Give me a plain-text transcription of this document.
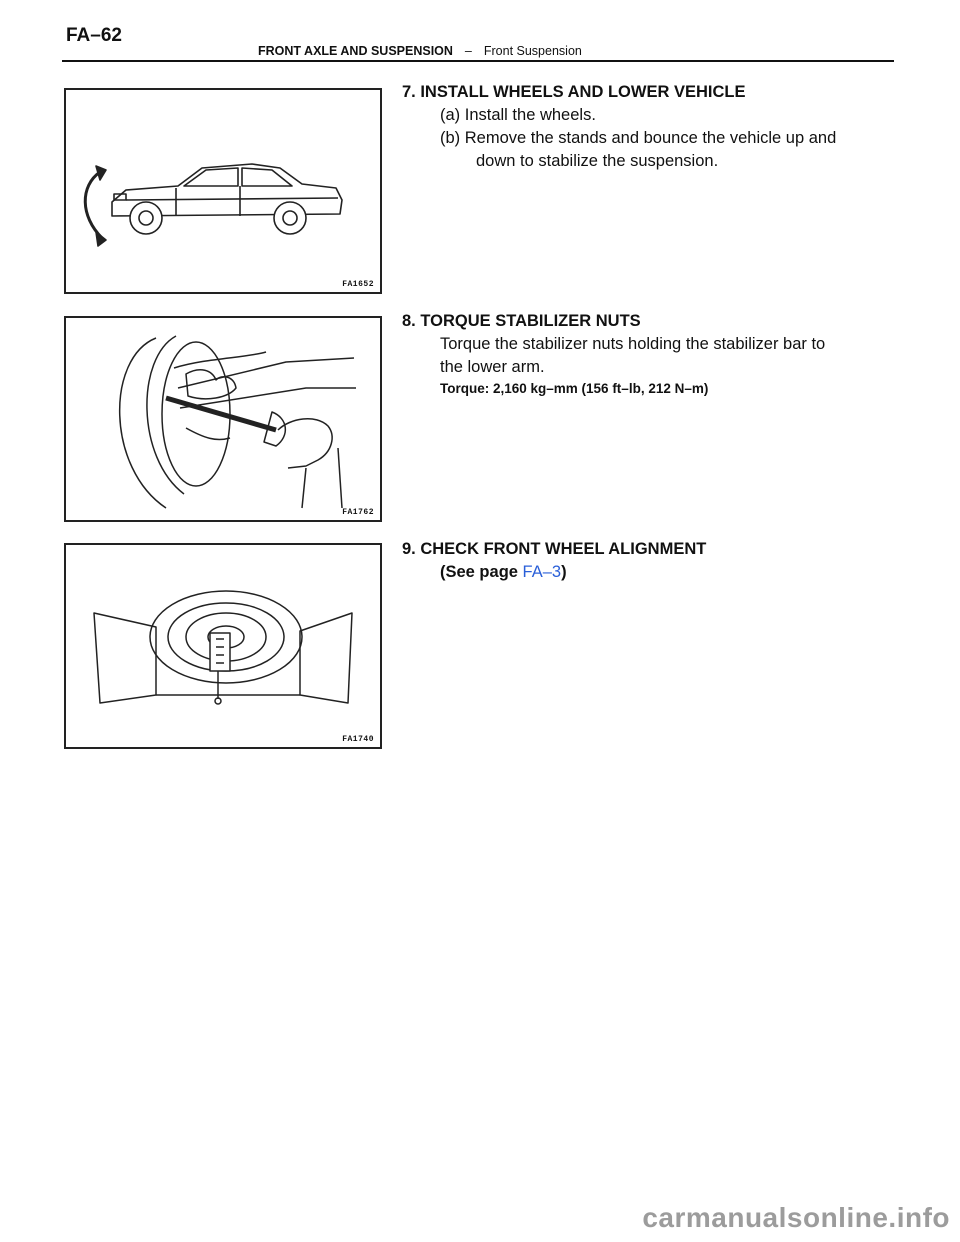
FA–62
FRONT AXLE AND SUSPENSION – Front Suspension
FA1652
FA1762
FA1740
7. INSTALL WHEELS AND LOWER VEHICLE
(a) Install the wheels.
(b) Remove the stands and bounce the vehicle up and
down to stabilize the suspension.
8. TORQUE STABILIZER NUTS
Torque the stabilizer nuts holding the stabilizer bar to
the lower arm.
Torque: 2,160 kg–mm (156 ft–lb, 212 N–m)
9. CHECK FRONT WHEEL ALIGNMENT
(See page FA–3)
carmanualsonline.info
